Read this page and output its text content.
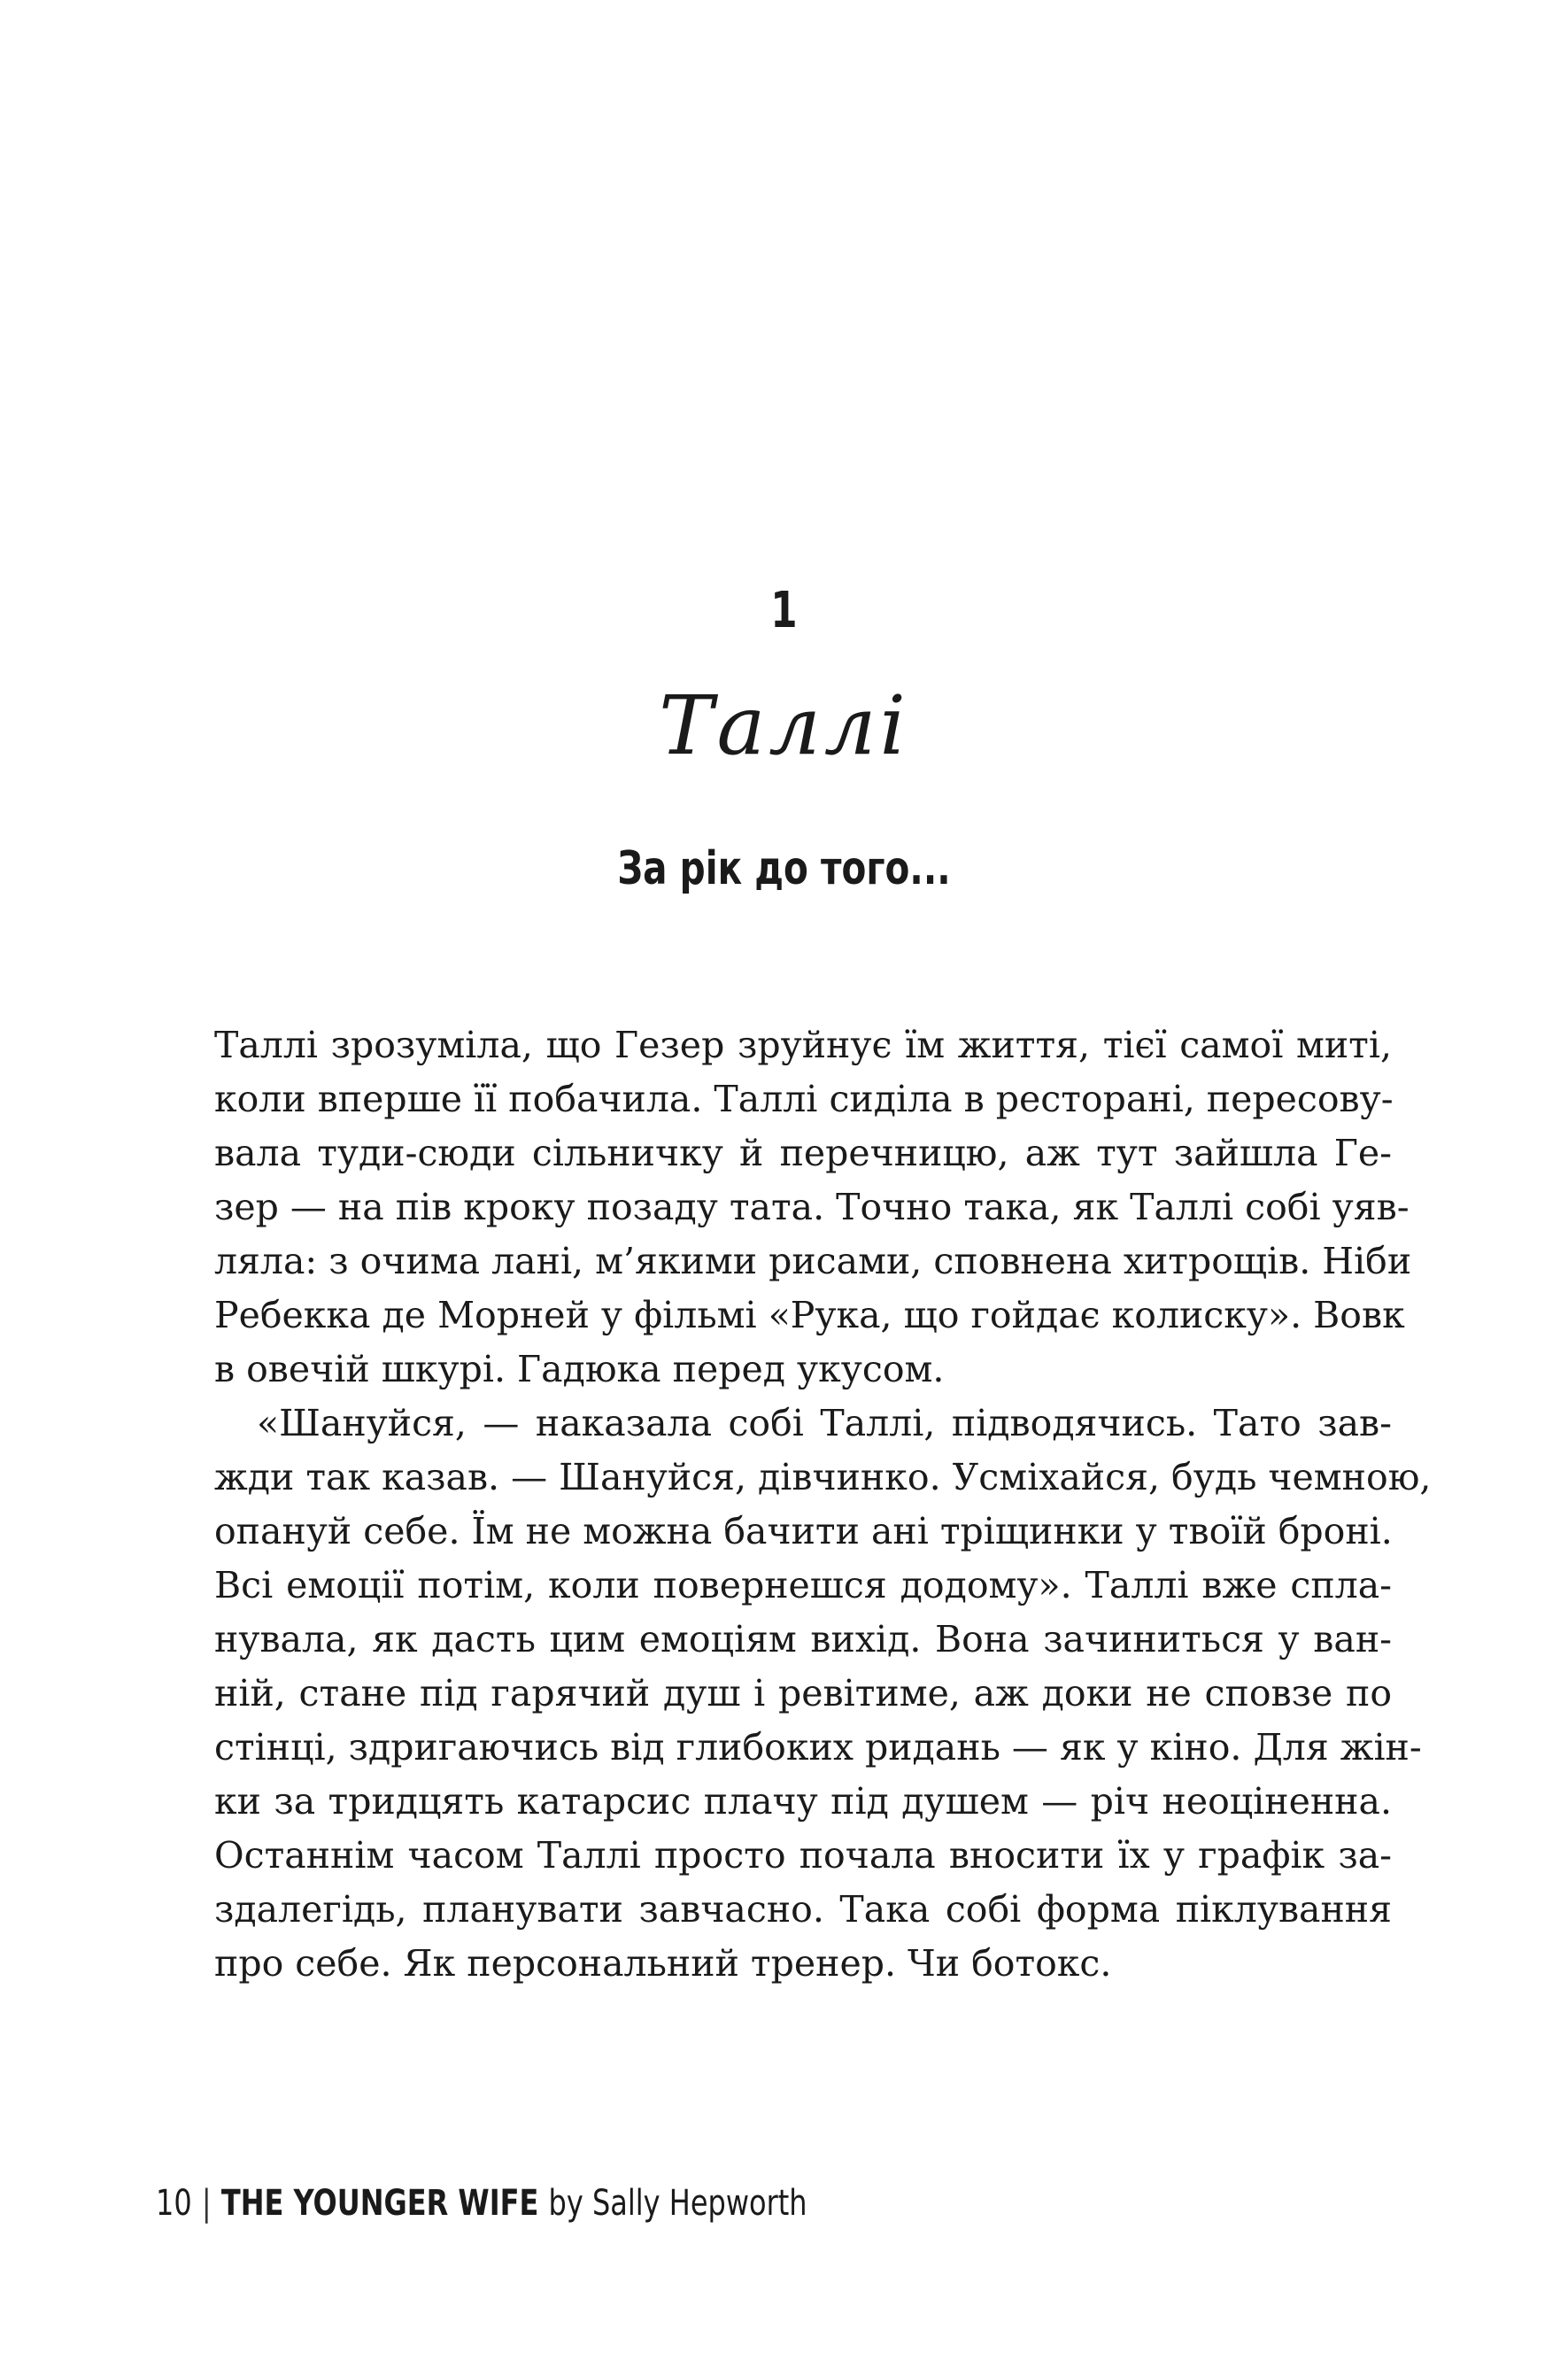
1
Таллі
За рік до того...
Таллі зрозуміла, що Гезер зруйнує їм життя, тієї самої миті,
коли вперше її побачила. Таллі сиділа в ресторані, пересову-
вала туди-сюди сільничку й перечницю, аж тут зайшла Ге-
зер — на пів кроку позаду тата. Точно така, як Таллі собі уяв-
ляла: з очима лані, м’якими рисами, сповнена хитрощів. Ніби
Ребекка де Морней у фільмі «Рука, що гойдає колиску». Вовк
в овечій шкурі. Гадюка перед укусом.
«Шануйся, — наказала собі Таллі, підводячись. Тато зав-
жди так казав. — Шануйся, дівчинко. Усміхайся, будь чемною,
опануй себе. Їм не можна бачити ані тріщинки у твоїй броні.
Всі емоції потім, коли повернешся додому». Таллі вже спла-
нувала, як дасть цим емоціям вихід. Вона зачиниться у ван-
ній, стане під гарячий душ і ревітиме, аж доки не сповзе по
стінці, здригаючись від глибоких ридань — як у кіно. Для жін-
ки за тридцять катарсис плачу під душем — річ неоціненна.
Останнім часом Таллі просто почала вносити їх у графік за-
здалегідь, планувати завчасно. Така собі форма піклування
про себе. Як персональний тренер. Чи ботокс.
10 | THE YOUNGER WIFE by Sally Hepworth
